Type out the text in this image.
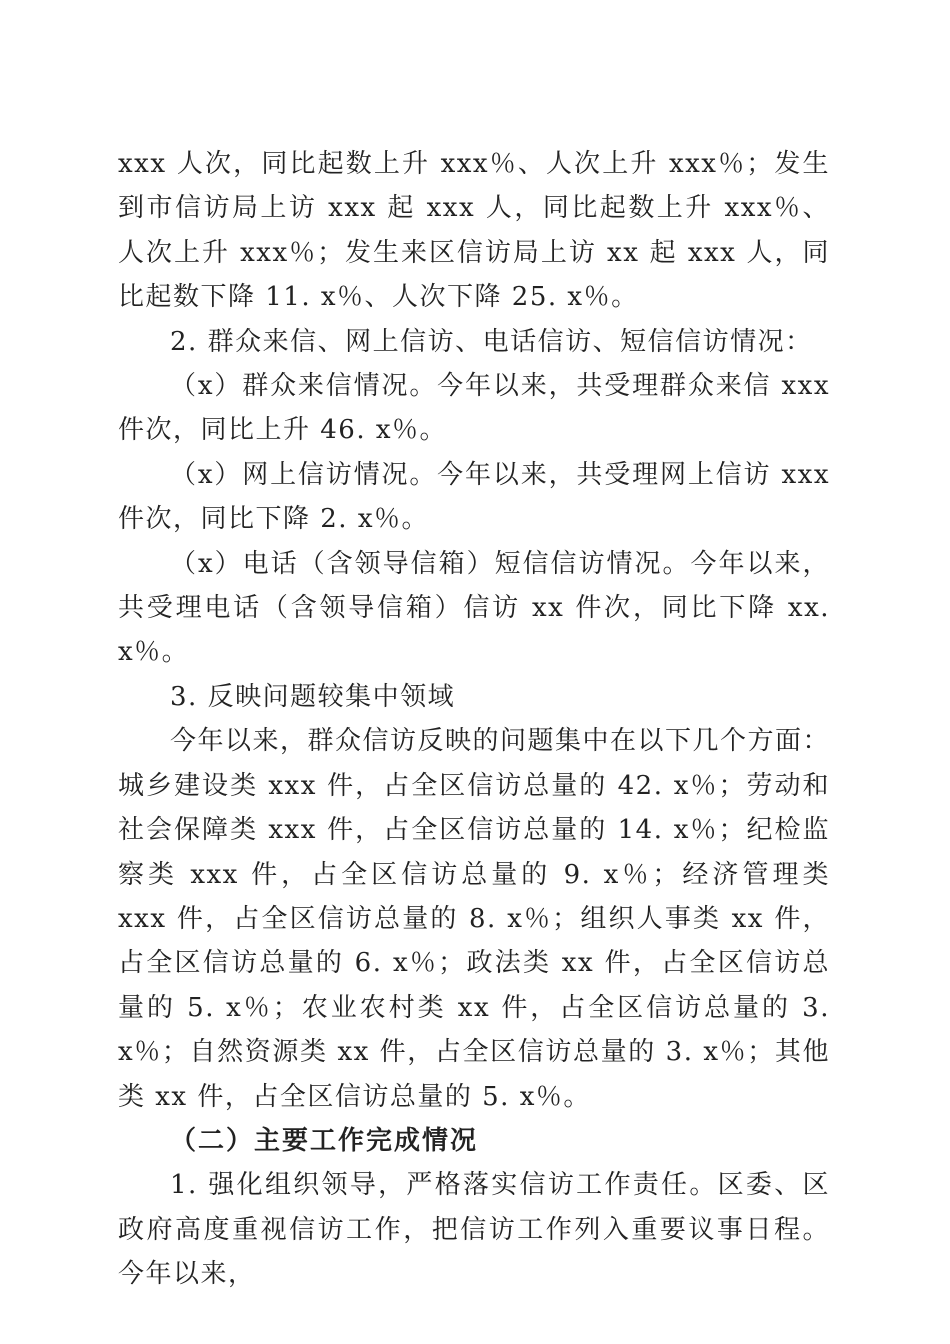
xxx 人次，同比起数上升 xxx％、人次上升 xxx％；发生到市信访局上访 xxx 起 xxx 人，同比起数上升 xxx％、人次上升 xxx％；发生来区信访局上访 xx 起 xxx 人，同比起数下降 11. x％、人次下降 25. x％。

2. 群众来信、网上信访、电话信访、短信信访情况：

（x）群众来信情况。今年以来，共受理群众来信 xxx 件次，同比上升 46. x％。

（x）网上信访情况。今年以来，共受理网上信访 xxx 件次，同比下降 2. x％。

（x）电话（含领导信箱）短信信访情况。今年以来，共受理电话（含领导信箱）信访 xx 件次，同比下降 xx. x％。

3. 反映问题较集中领域

今年以来，群众信访反映的问题集中在以下几个方面：城乡建设类 xxx 件，占全区信访总量的 42. x％；劳动和社会保障类 xxx 件，占全区信访总量的 14. x％；纪检监察类 xxx 件，占全区信访总量的 9. x％；经济管理类 xxx 件，占全区信访总量的 8. x％；组织人事类 xx 件，占全区信访总量的 6. x％；政法类 xx 件，占全区信访总量的 5. x％；农业农村类 xx 件，占全区信访总量的 3. x％；自然资源类 xx 件，占全区信访总量的 3. x％；其他类 xx 件，占全区信访总量的 5. x％。

（二）主要工作完成情况

1. 强化组织领导，严格落实信访工作责任。区委、区政府高度重视信访工作，把信访工作列入重要议事日程。今年以来，
